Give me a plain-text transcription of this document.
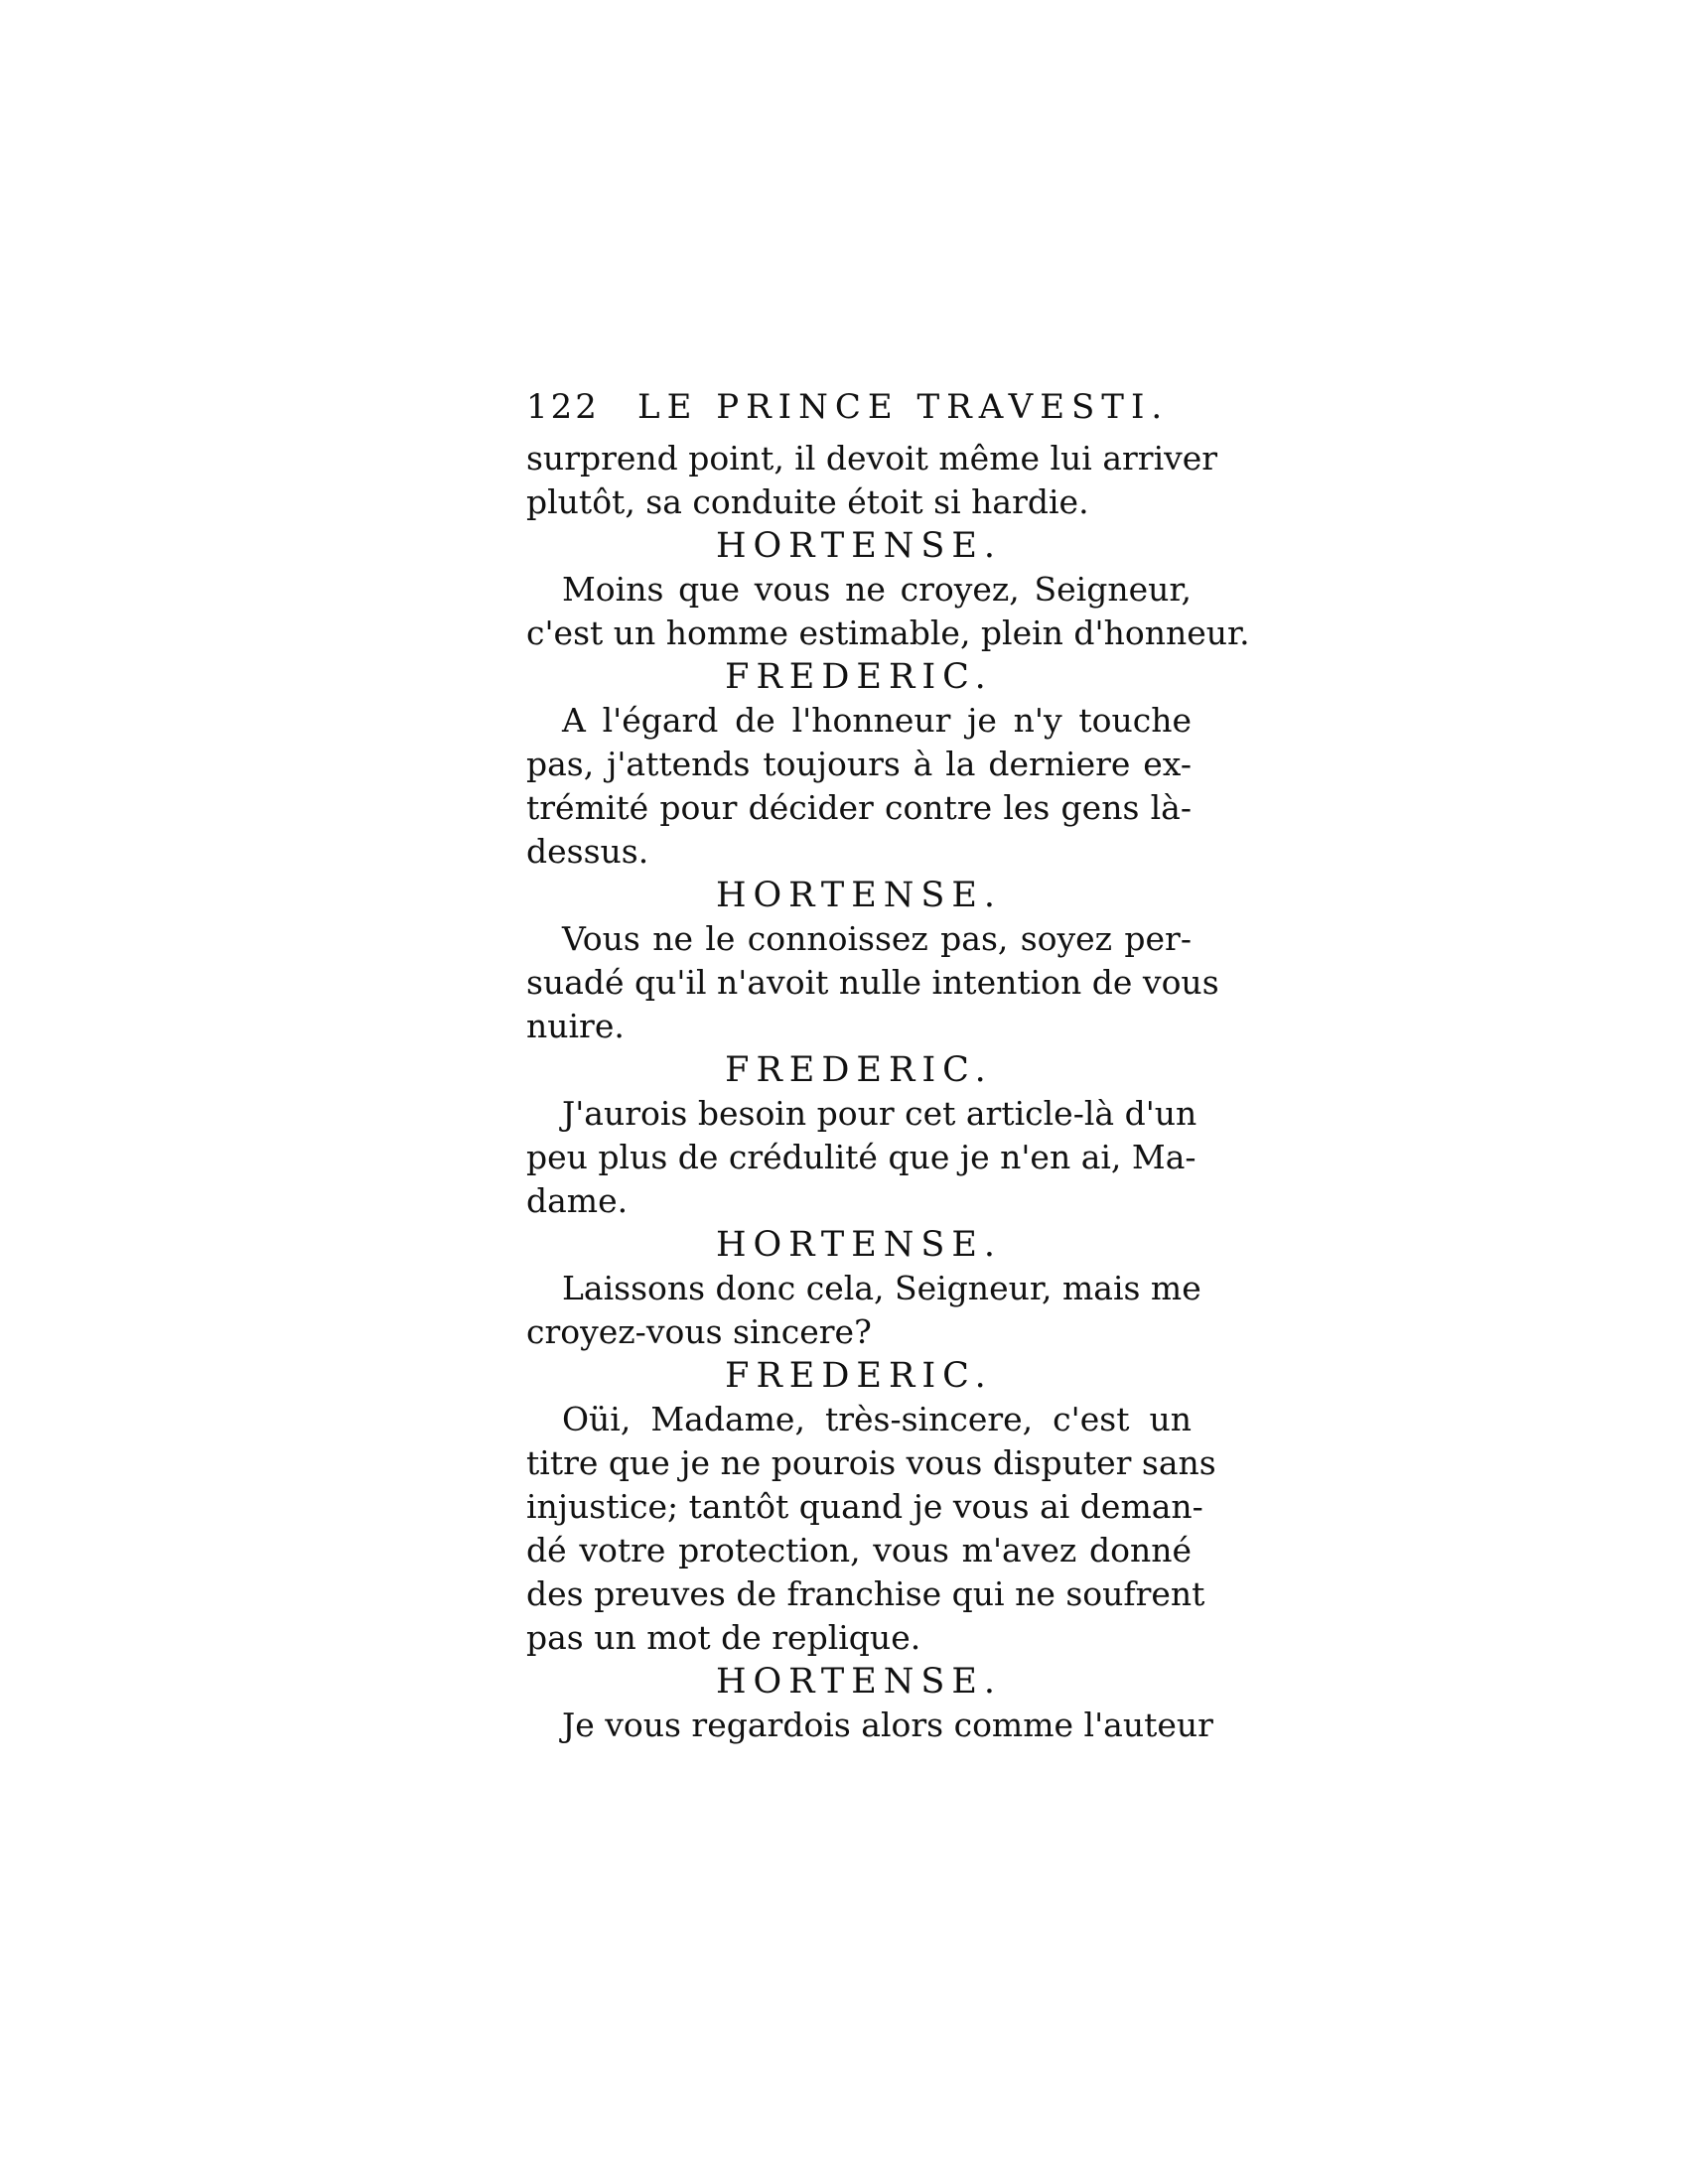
122	LE PRINCE TRAVESTI.
surprend point, il devoit même lui arriver
plutôt, sa conduite étoit si hardie.
HORTENSE.
Moins que vous ne croyez, Seigneur,
c'est un homme estimable, plein d'honneur.
FREDERIC.
A l'égard de l'honneur je n'y touche
pas, j'attends toujours à la derniere ex-
trémité pour décider contre les gens là-
dessus.
HORTENSE.
Vous ne le connoissez pas, soyez per-
suadé qu'il n'avoit nulle intention de vous
nuire.
FREDERIC.
J'aurois besoin pour cet article-là d'un
peu plus de crédulité que je n'en ai, Ma-
dame.
HORTENSE.
Laissons donc cela, Seigneur, mais me
croyez-vous sincere?
FREDERIC.
Oüi, Madame, très-sincere, c'est un
titre que je ne pourois vous disputer sans
injustice; tantôt quand je vous ai deman-
dé votre protection, vous m'avez donné
des preuves de franchise qui ne soufrent
pas un mot de replique.
HORTENSE.
Je vous regardois alors comme l'auteur
